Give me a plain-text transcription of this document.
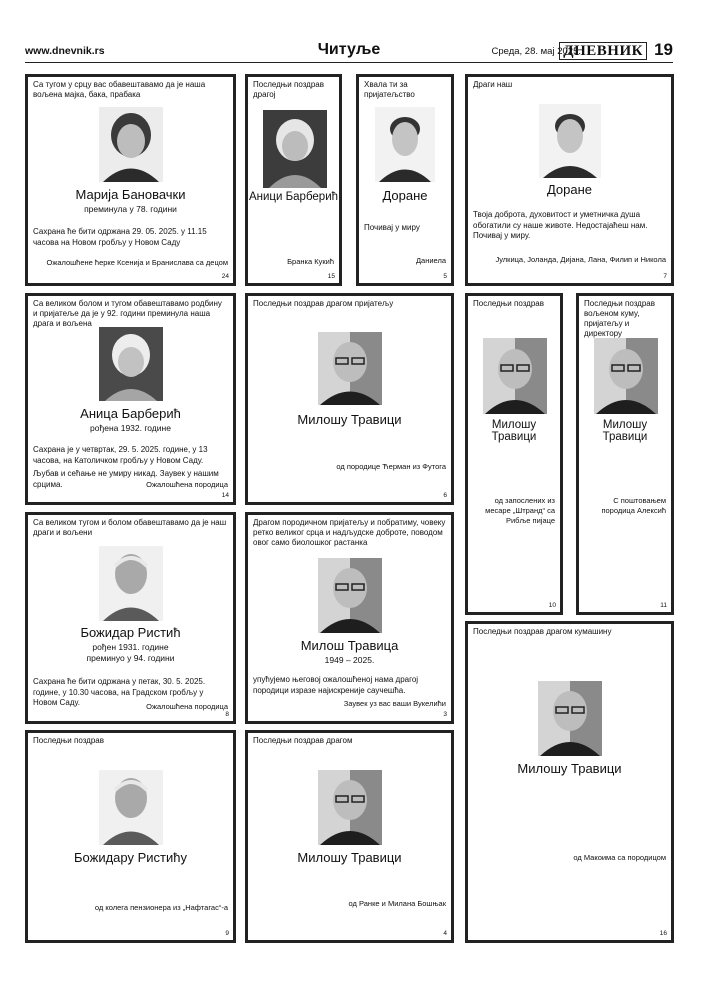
www.dnevnik.rs	Читуље	Среда, 28. мај 2025.
ДНЕВНИК 19
Са тугом у срцу вас обавештавамо да је наша вољена мајка, бака, прабака
Марија Бановачки
преминула у 78. години
Сахрана ће бити одржана 29. 05. 2025. у 11.15 часова на Новом гробљу у Новом Саду
Ожалошћене ћерке Ксенија и Бранислава са децом
24
Последњи поздрав драгој
Аници Барберић
Бранка Кукић
15
Хвала ти за пријатељство
Доране
Почивај у миру
Даниела
5
Драги наш
Доране
Твоја доброта, духовитост и уметничка душа обогатили су наше животе. Недостајаћеш нам. Почивај у миру.
Јулкица, Јоланда, Дијана, Лана, Филип и Никола
7
Са великом болом и тугом обавештавамо родбину и пријатеље да је у 92. години преминула наша драга и вољена
Аница Барберић
рођена 1932. године
Сахрана је у четвртак, 29. 5. 2025. године, у 13 часова, на Католичком гробљу у Новом Саду.
Љубав и сећање не умиру никад. Заувек у нашим срцима.	Ожалошћена породица
14
Последњи поздрав драгом пријатељу
Милошу Травици
од породице Ћерман из Футога
6
Последњи поздрав
Милошу Травици
од запослених из месаре „Штранд“ са Рибље пијаце
10
Последњи поздрав вољеном куму, пријатељу и директору
Милошу Травици
С поштовањем породица Алексић
11
Са великом тугом и болом обавештавамо да је наш драги и вољени
Божидар Ристић
рођен 1931. године
преминуо у 94. години
Сахрана ће бити одржана у петак, 30. 5. 2025. године, у 10.30 часова, на Градском гробљу у Новом Саду.	Ожалошћена породица
8
Драгом породичном пријатељу и побратиму, човеку ретко великог срца и надљудске доброте, поводом овог само биолошког растанка
Милош Травица
1949 – 2025.
упућујемо његовој ожалошћеној нама драгој породици изразе најискреније саучешћа.
Заувек уз вас ваши Вукелићи
3
Последњи поздрав драгом кумашину
Милошу Травици
од Макоима са породицом
16
Последњи поздрав
Божидару Ристићу
од колега пензионера из „Нафтагас“-а
9
Последњи поздрав драгом
Милошу Травици
од Ранке и Милана Бошњак
4
